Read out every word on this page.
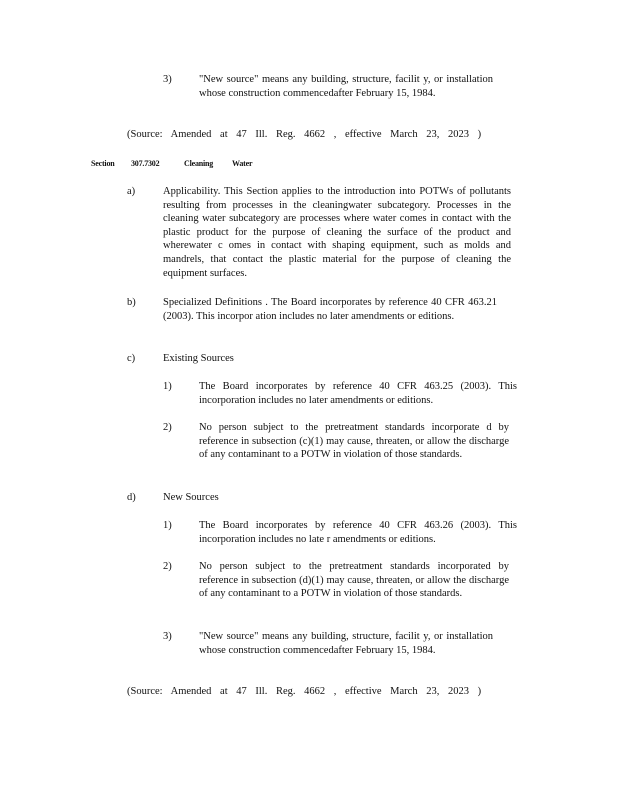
3)	"New source" means any building, structure, facilit y, or installation whose construction commencedafter February 15, 1984.
(Source: Amended at 47 Ill. Reg. 4662 , effective March 23, 2023 )
Section 307.7302	Cleaning Water
a)	Applicability. This Section applies to the introduction into POTWs of pollutants resulting from processes in the cleaningwater subcategory. Processes in the cleaning water subcategory are processes where water comes in contact with the plastic product for the purpose of cleaning the surface of the product and wherewater c omes in contact with shaping equipment, such as molds and mandrels, that contact the plastic material for the purpose of cleaning the equipment surfaces.
b)	Specialized Definitions . The Board incorporates by reference 40 CFR 463.21 (2003). This incorpor ation includes no later amendments or editions.
c)	Existing Sources
1)	The Board incorporates by reference 40 CFR 463.25 (2003). This incorporation includes no later amendments or editions.
2)	No person subject to the pretreatment standards incorporate d by reference in subsection (c)(1) may cause, threaten, or allow the discharge of any contaminant to a POTW in violation of those standards.
d)	New Sources
1)	The Board incorporates by reference 40 CFR 463.26 (2003). This incorporation includes no late r amendments or editions.
2)	No person subject to the pretreatment standards incorporated by reference in subsection (d)(1) may cause, threaten, or allow the discharge of any contaminant to a POTW in violation of those standards.
3)	"New source" means any building, structure, facilit y, or installation whose construction commencedafter February 15, 1984.
(Source: Amended at 47 Ill. Reg. 4662 , effective March 23, 2023 )
